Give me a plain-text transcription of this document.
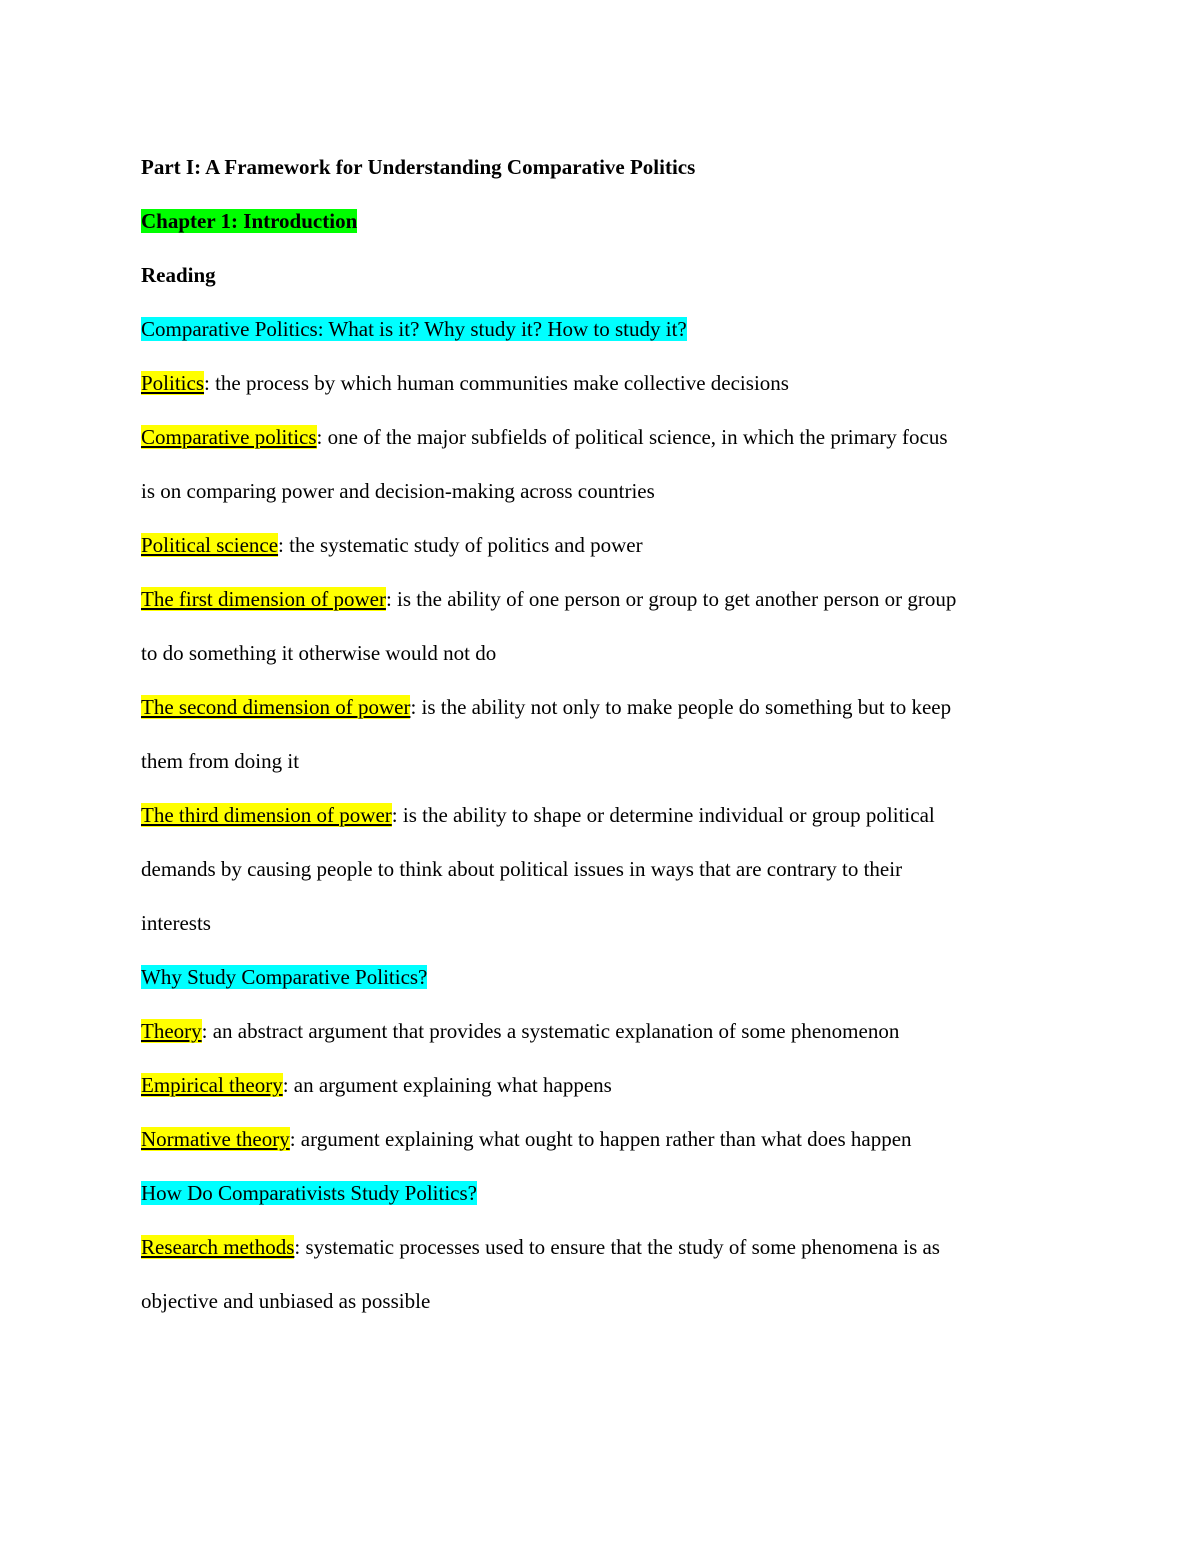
Part I: A Framework for Understanding Comparative Politics
Chapter 1: Introduction
Reading
Comparative Politics: What is it? Why study it? How to study it?
Politics: the process by which human communities make collective decisions
Comparative politics: one of the major subfields of political science, in which the primary focus
is on comparing power and decision-making across countries
Political science: the systematic study of politics and power
The first dimension of power: is the ability of one person or group to get another person or group
to do something it otherwise would not do
The second dimension of power: is the ability not only to make people do something but to keep
them from doing it
The third dimension of power: is the ability to shape or determine individual or group political
demands by causing people to think about political issues in ways that are contrary to their
interests
Why Study Comparative Politics?
Theory: an abstract argument that provides a systematic explanation of some phenomenon
Empirical theory: an argument explaining what happens
Normative theory: argument explaining what ought to happen rather than what does happen
How Do Comparativists Study Politics?
Research methods: systematic processes used to ensure that the study of some phenomena is as
objective and unbiased as possible
